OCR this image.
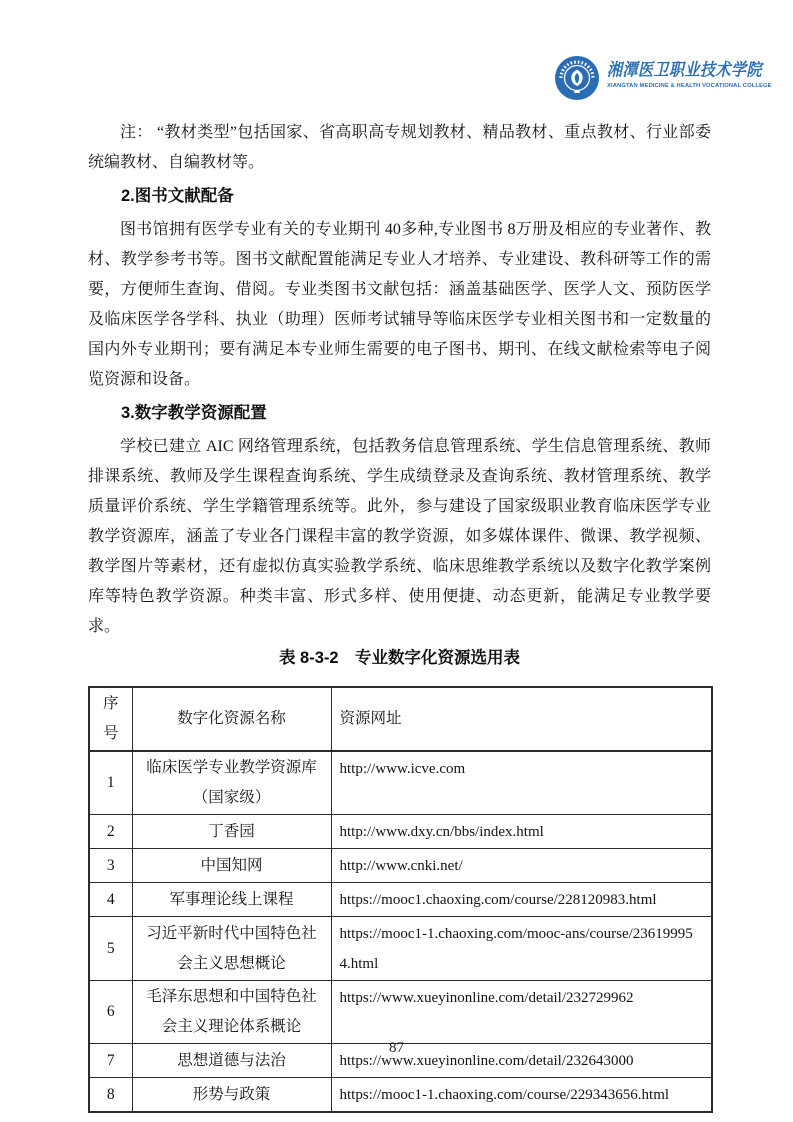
湘潭医卫职业技术学院
XIANGTAN MEDICINE & HEALTH VOCATIONAL COLLEGE

注： “教材类型”包括国家、省高职高专规划教材、精品教材、重点教材、行业部委统编教材、自编教材等。

2.图书文献配备

图书馆拥有医学专业有关的专业期刊 40多种,专业图书 8万册及相应的专业著作、教材、教学参考书等。图书文献配置能满足专业人才培养、专业建设、教科研等工作的需要，方便师生查询、借阅。专业类图书文献包括：涵盖基础医学、医学人文、预防医学及临床医学各学科、执业（助理）医师考试辅导等临床医学专业相关图书和一定数量的国内外专业期刊；要有满足本专业师生需要的电子图书、期刊、在线文献检索等电子阅览资源和设备。

3.数字教学资源配置

学校已建立 AIC 网络管理系统，包括教务信息管理系统、学生信息管理系统、教师排课系统、教师及学生课程查询系统、学生成绩登录及查询系统、教材管理系统、教学质量评价系统、学生学籍管理系统等。此外，参与建设了国家级职业教育临床医学专业教学资源库，涵盖了专业各门课程丰富的教学资源，如多媒体课件、微课、教学视频、教学图片等素材，还有虚拟仿真实验教学系统、临床思维教学系统以及数字化教学案例库等特色教学资源。种类丰富、形式多样、使用便捷、动态更新，能满足专业教学要求。

表 8-3-2　专业数字化资源选用表

序号	数字化资源名称	资源网址
1	临床医学专业教学资源库（国家级）	http://www.icve.com
2	丁香园	http://www.dxy.cn/bbs/index.html
3	中国知网	http://www.cnki.net/
4	军事理论线上课程	https://mooc1.chaoxing.com/course/228120983.html
5	习近平新时代中国特色社会主义思想概论	https://mooc1-1.chaoxing.com/mooc-ans/course/236199954.html
6	毛泽东思想和中国特色社会主义理论体系概论	https://www.xueyinonline.com/detail/232729962
7	思想道德与法治	https://www.xueyinonline.com/detail/232643000
8	形势与政策	https://mooc1-1.chaoxing.com/course/229343656.html
87
